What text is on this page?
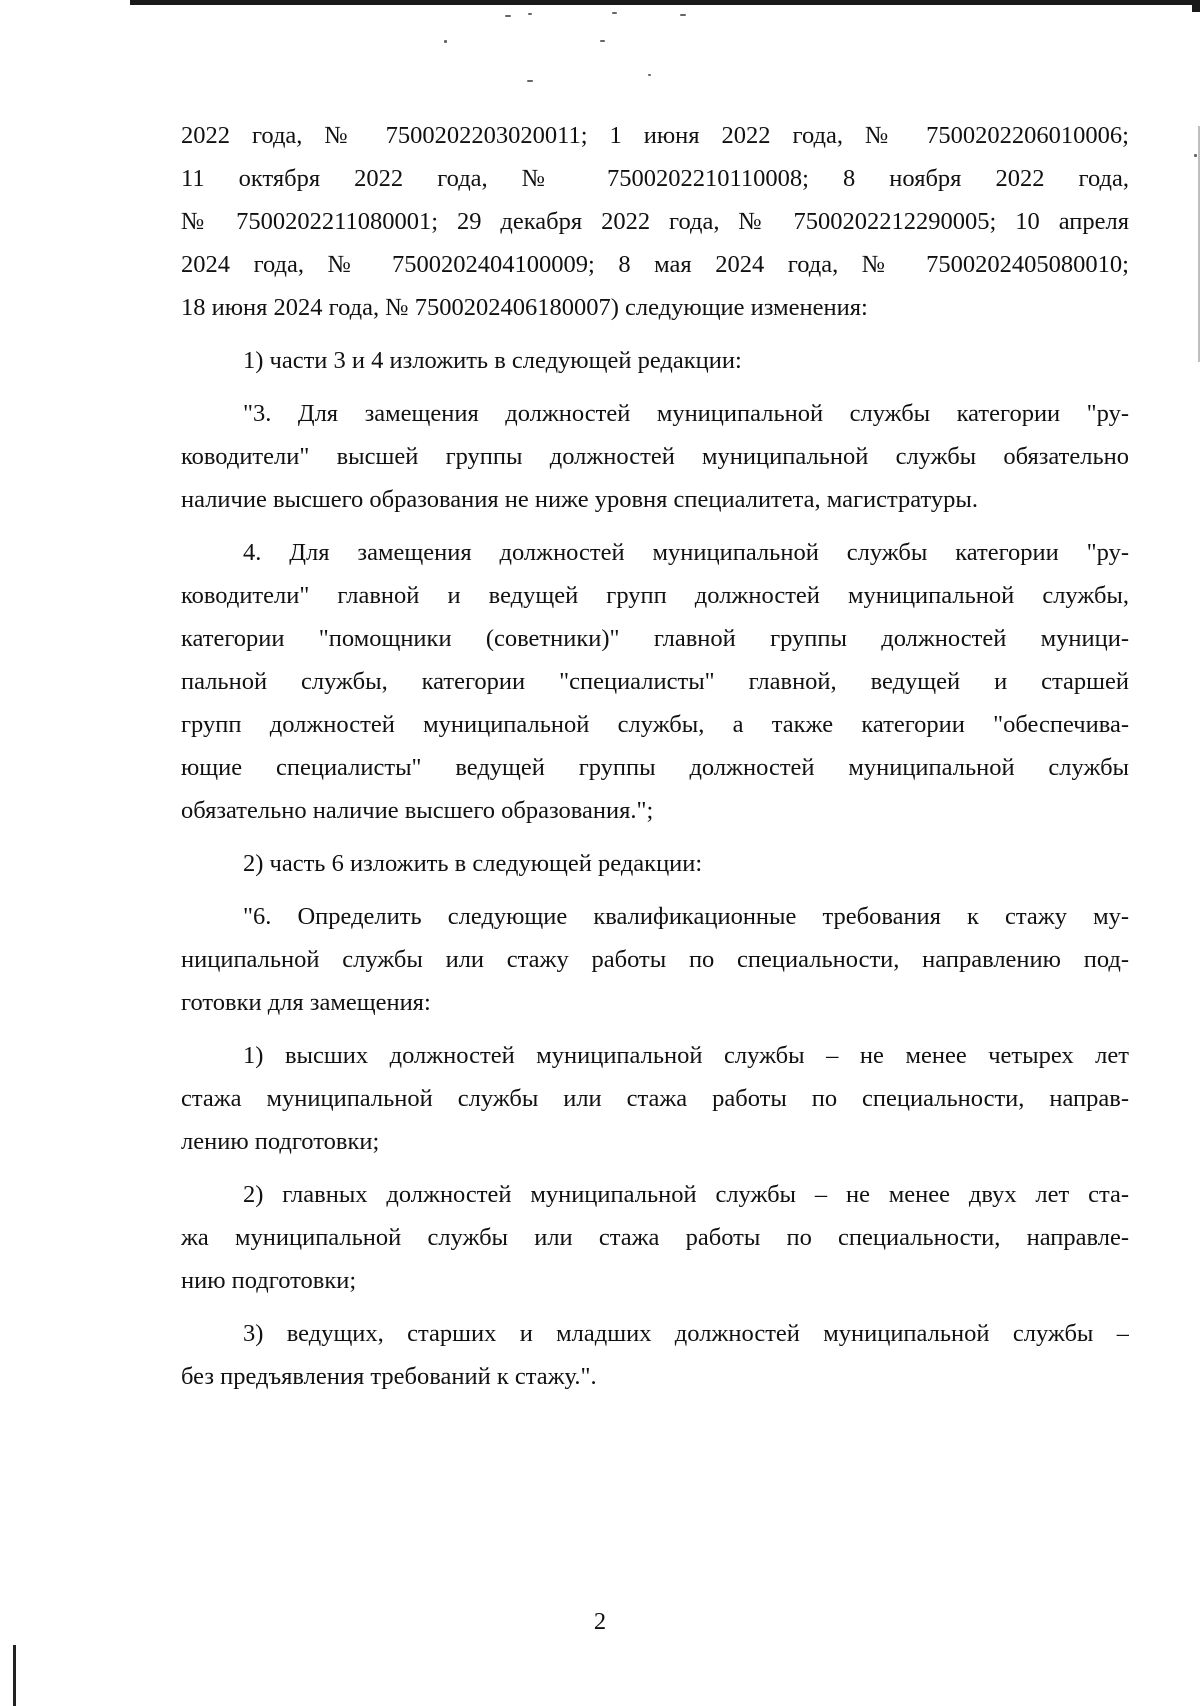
2022 года, № 7500202203020011; 1 июня 2022 года, № 7500202206010006;
11 октября 2022 года, № 7500202210110008; 8 ноября 2022 года,
№ 7500202211080001; 29 декабря 2022 года, № 7500202212290005; 10 апреля
2024 года, № 7500202404100009; 8 мая 2024 года, № 7500202405080010;
18 июня 2024 года, № 7500202406180007) следующие изменения:
1) части 3 и 4 изложить в следующей редакции:
"3. Для замещения должностей муниципальной службы категории "ру-
ководители" высшей группы должностей муниципальной службы обязательно
наличие высшего образования не ниже уровня специалитета, магистратуры.
4. Для замещения должностей муниципальной службы категории "ру-
ководители" главной и ведущей групп должностей муниципальной службы,
категории "помощники (советники)" главной группы должностей муници-
пальной службы, категории "специалисты" главной, ведущей и старшей
групп должностей муниципальной службы, а также категории "обеспечива-
ющие специалисты" ведущей группы должностей муниципальной службы
обязательно наличие высшего образования.";
2) часть 6 изложить в следующей редакции:
"6. Определить следующие квалификационные требования к стажу му-
ниципальной службы или стажу работы по специальности, направлению под-
готовки для замещения:
1) высших должностей муниципальной службы – не менее четырех лет
стажа муниципальной службы или стажа работы по специальности, направ-
лению подготовки;
2) главных должностей муниципальной службы – не менее двух лет ста-
жа муниципальной службы или стажа работы по специальности, направле-
нию подготовки;
3) ведущих, старших и младших должностей муниципальной службы –
без предъявления требований к стажу.".
2
